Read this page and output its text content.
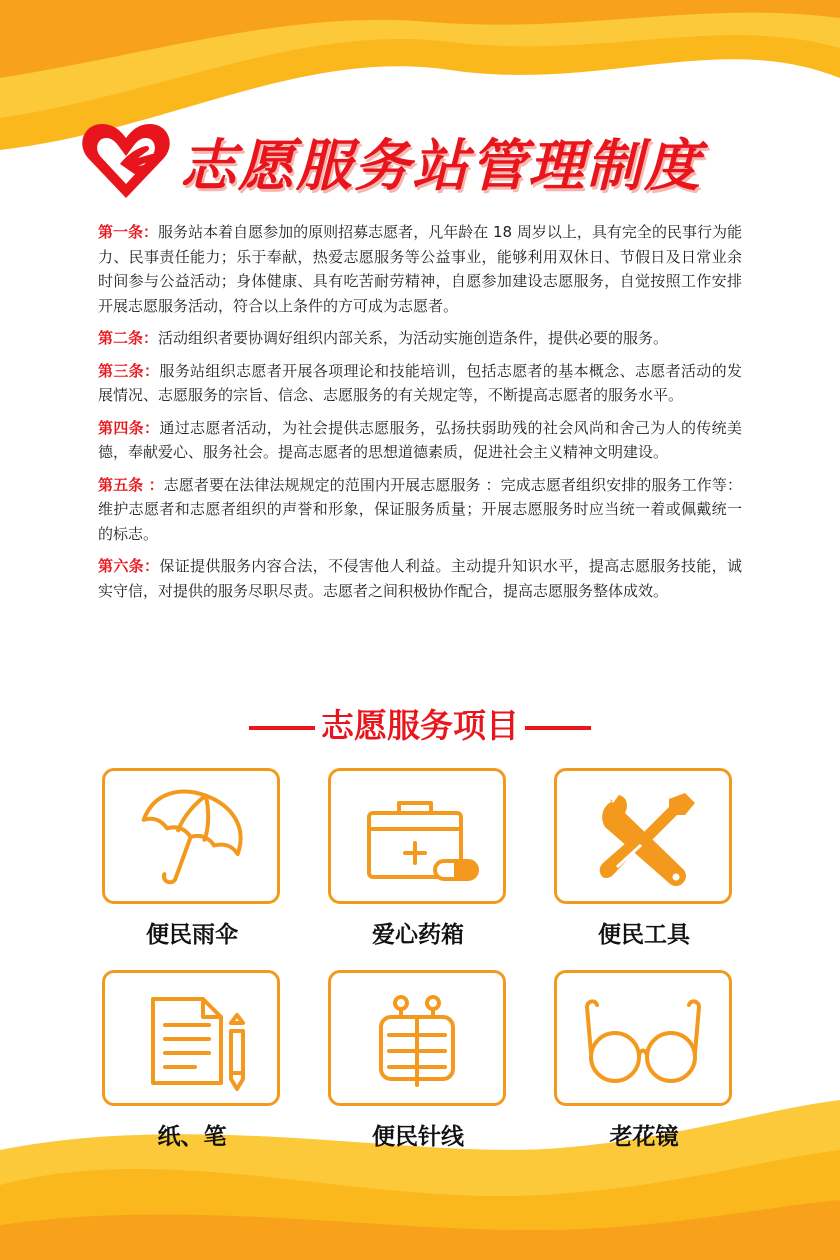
志愿服务站管理制度

第一条：服务站本着自愿参加的原则招募志愿者，凡年龄在 18 周岁以上，具有完全的民事行为能力、民事责任能力；乐于奉献，热爱志愿服务等公益事业，能够利用双休日、节假日及日常业余时间参与公益活动；身体健康、具有吃苦耐劳精神，自愿参加建设志愿服务，自觉按照工作安排开展志愿服务活动，符合以上条件的方可成为志愿者。

第二条：活动组织者要协调好组织内部关系，为活动实施创造条件，提供必要的服务。

第三条：服务站组织志愿者开展各项理论和技能培训，包括志愿者的基本概念、志愿者活动的发展情况、志愿服务的宗旨、信念、志愿服务的有关规定等，不断提高志愿者的服务水平。

第四条：通过志愿者活动，为社会提供志愿服务，弘扬扶弱助残的社会风尚和舍己为人的传统美德，奉献爱心、服务社会。提高志愿者的思想道德素质，促进社会主义精神文明建设。

第五条 ：志愿者要在法律法规规定的范围内开展志愿服务 ：完成志愿者组织安排的服务工作等：维护志愿者和志愿者组织的声誉和形象，保证服务质量；开展志愿服务时应当统一着或佩戴统一的标志。

第六条：保证提供服务内容合法，不侵害他人利益。主动提升知识水平，提高志愿服务技能，诚实守信，对提供的服务尽职尽责。志愿者之间积极协作配合，提高志愿服务整体成效。

志愿服务项目
便民雨伞	爱心药箱	便民工具
纸、笔	便民针线	老花镜
